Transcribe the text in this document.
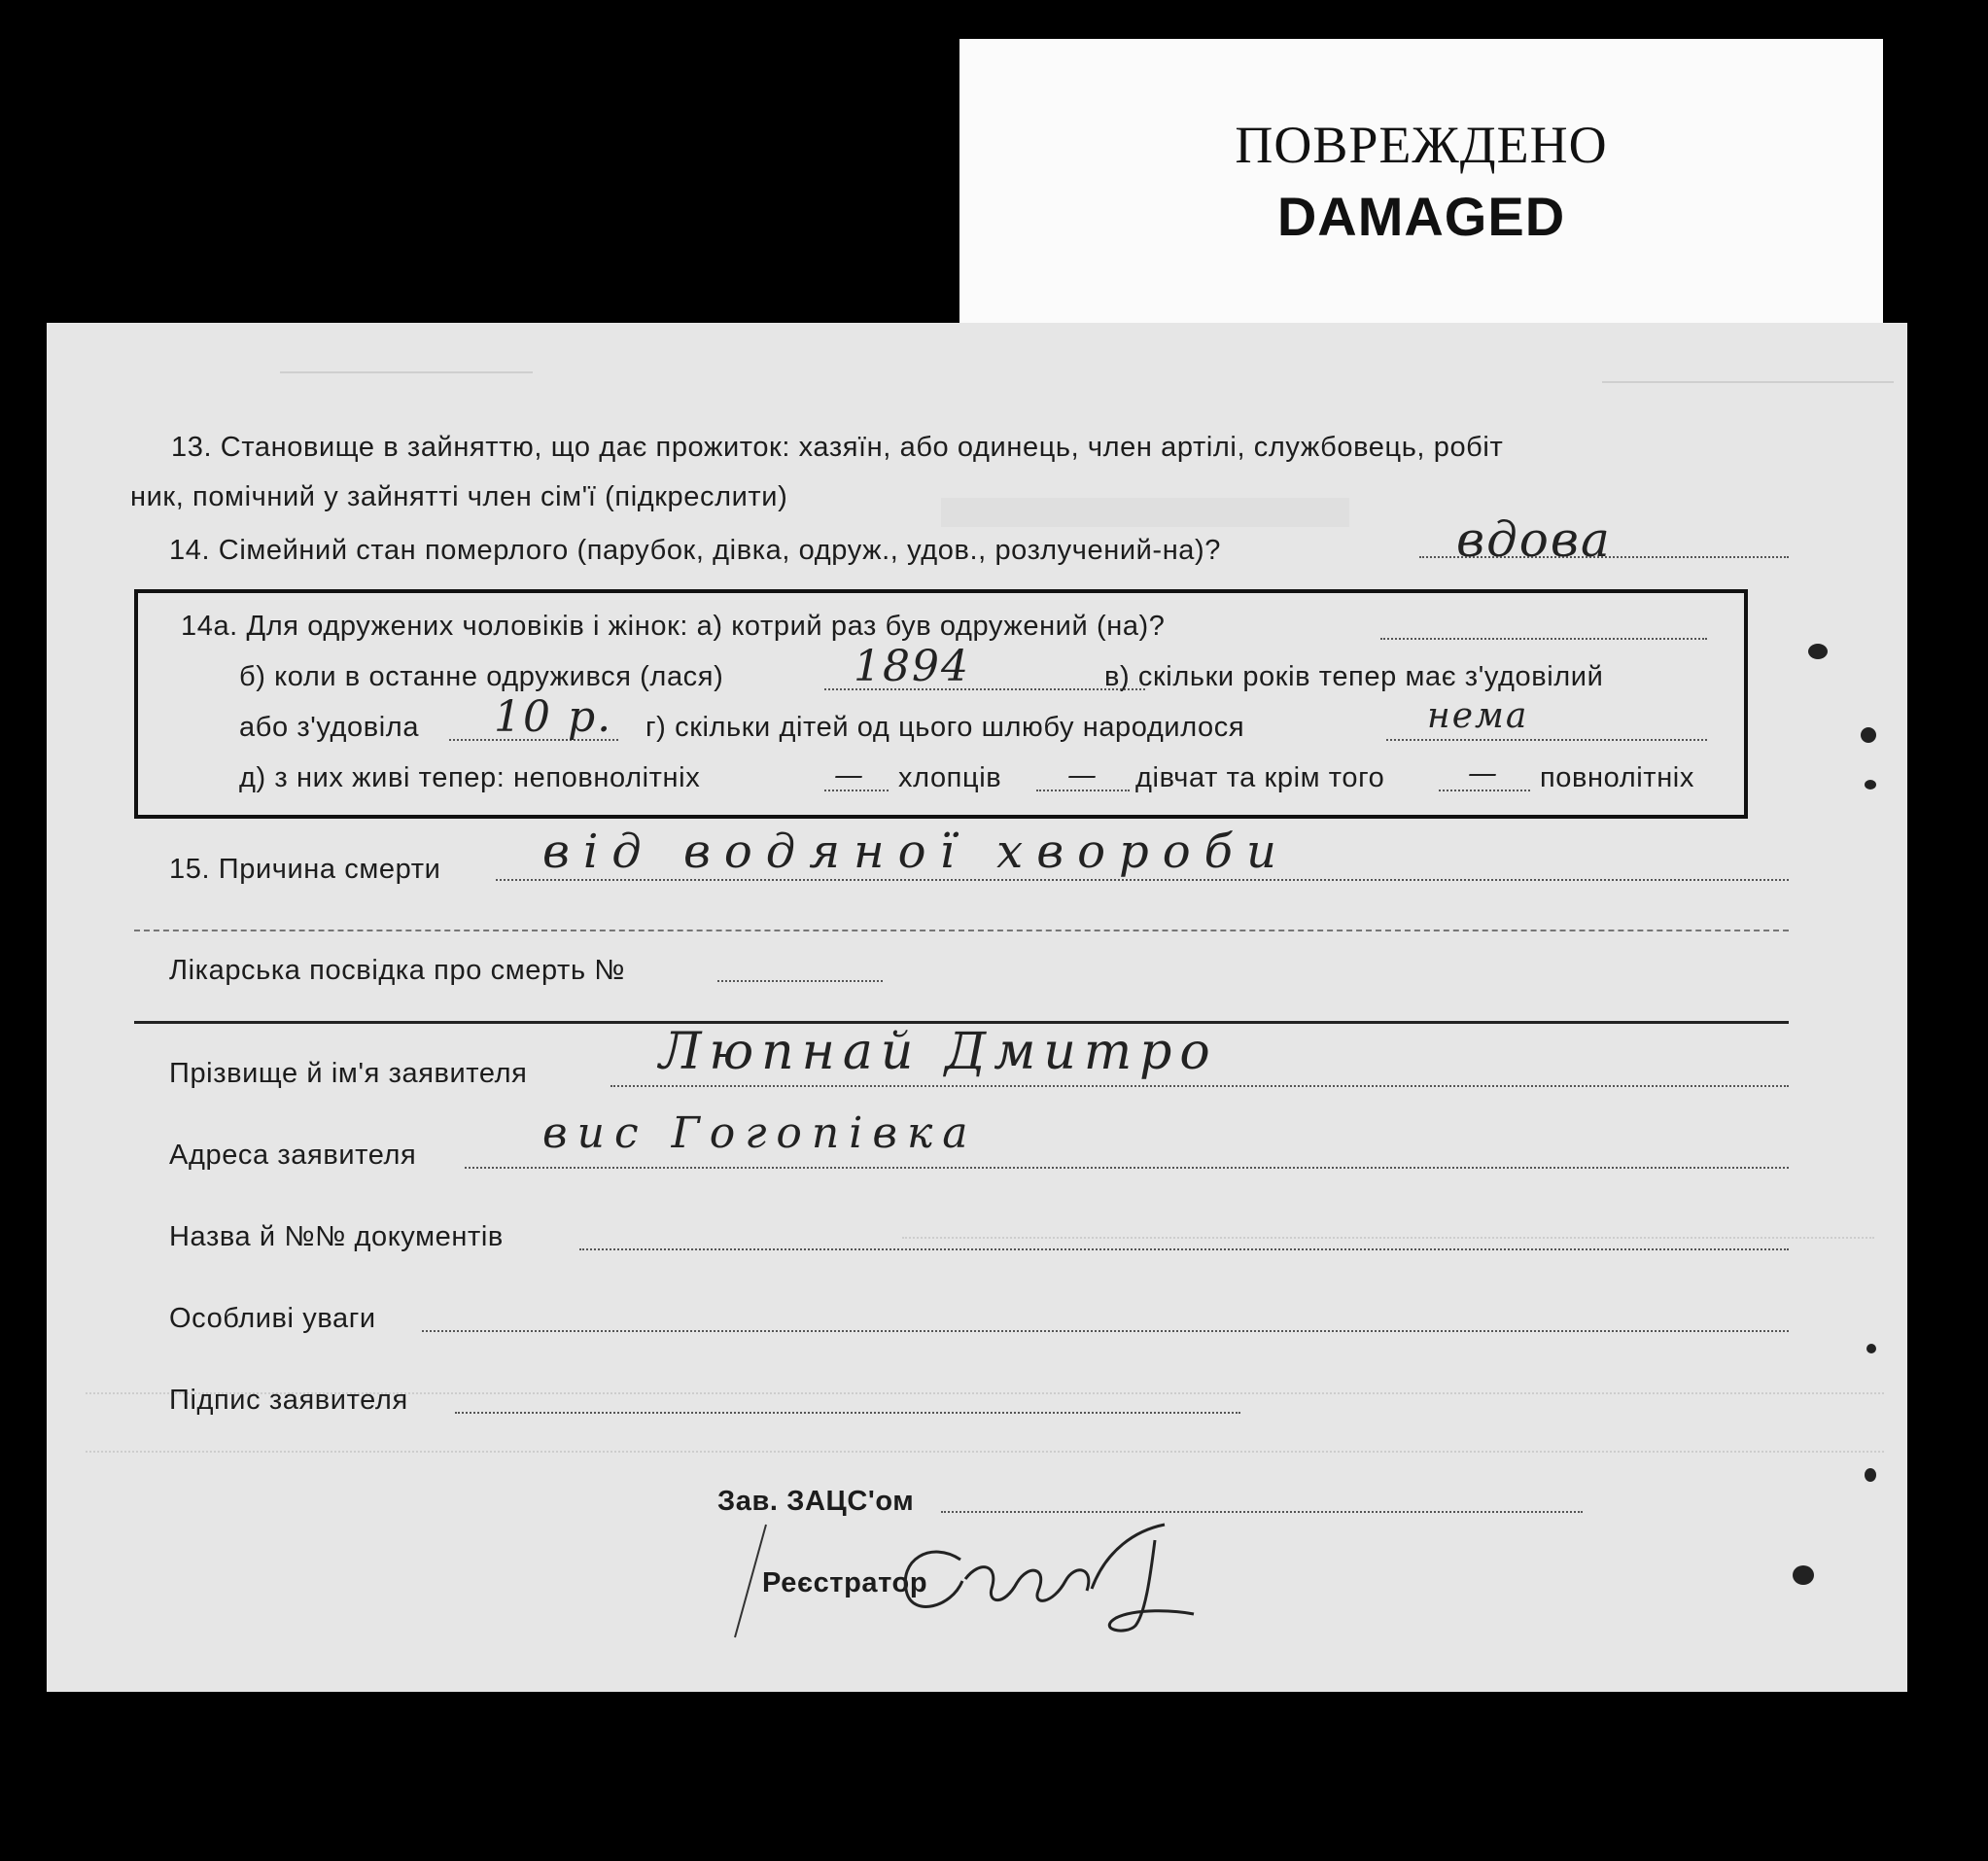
ПОВРЕЖДЕНО
DAMAGED
13. Становище в зайняттю, що дає прожиток: хазяїн, або одинець, член артілі, службовець, робіт
ник, помічний у зайнятті член сім'ї (підкреслити)
14. Сімейний стан померлого (парубок, дівка, одруж., удов., розлучений-на)?	вдова
14а. Для одружених чоловіків і жінок: а) котрий раз був одружений (на)?
б) коли в останне одружився (лася)	1894	в) скільки років тепер має з'удовілий
або з'удовіла 10 р. г) скільки дітей од цього шлюбу народилося	нема
д) з них живі тепер: неповнолітніх	— хлопців — дівчат та крім того	— повнолітніх
15. Причина смерти від водяної хвороби
Лікарська посвідка про смерть №
Прізвище й ім'я заявителя	Люпнай Дмитро
Адреса заявителя	вис Гогопівка
Назва й №№ документів
Особливі уваги
Підпис заявителя
Зав. ЗАЦС'ом
Реєстратор
